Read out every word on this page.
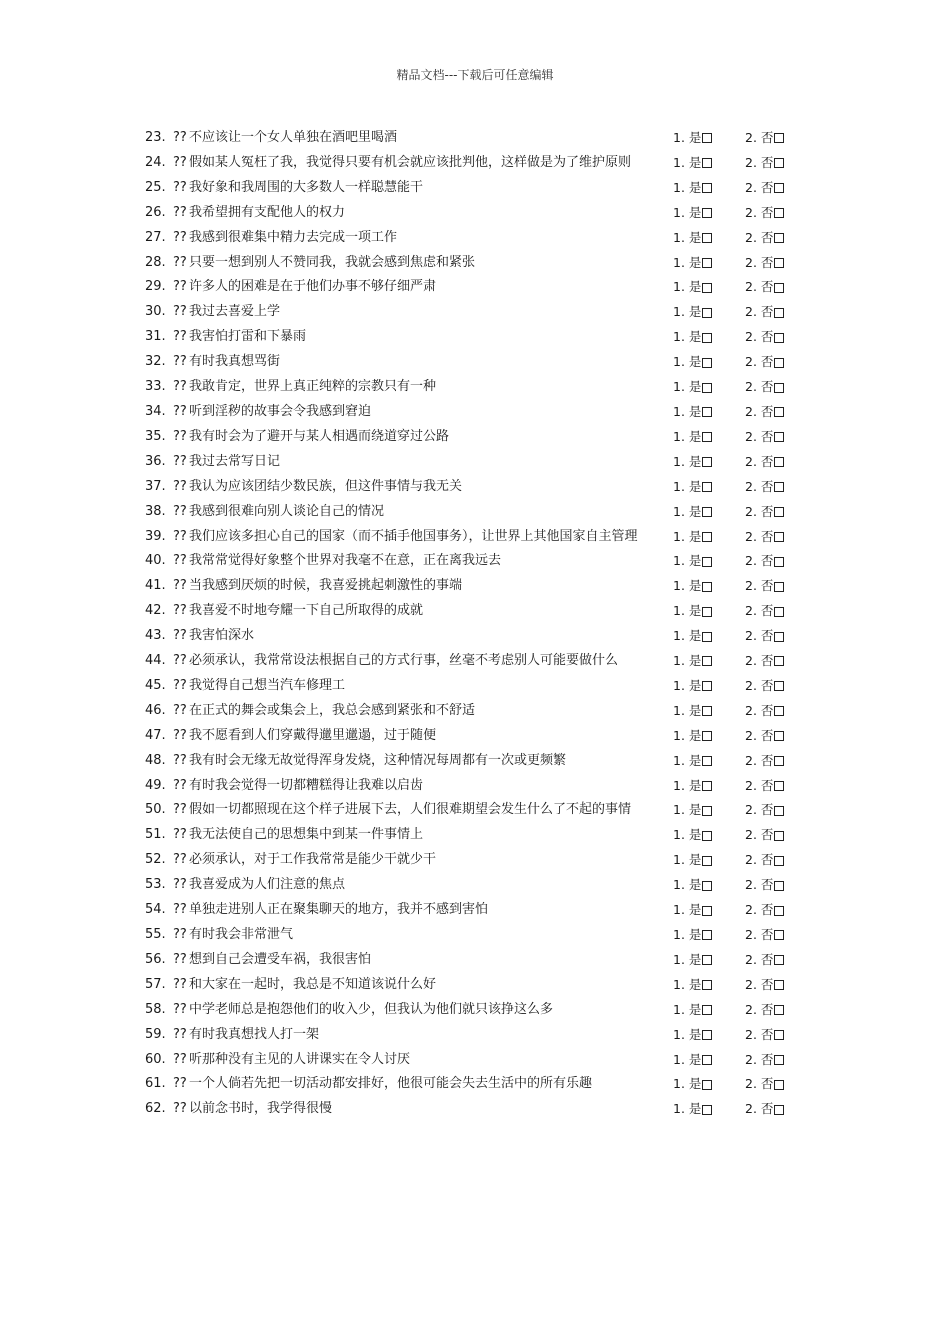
精品文档---下载后可任意编辑
23. ?? 不应该让一个女人单独在酒吧里喝酒	1. 是	2. 否
24. ?? 假如某人冤枉了我，我觉得只要有机会就应该批判他，这样做是为了维护原则	1. 是	2. 否
25. ?? 我好象和我周围的大多数人一样聪慧能干	1. 是	2. 否
26. ?? 我希望拥有支配他人的权力	1. 是	2. 否
27. ?? 我感到很难集中精力去完成一项工作	1. 是	2. 否
28. ?? 只要一想到别人不赞同我，我就会感到焦虑和紧张	1. 是	2. 否
29. ?? 许多人的困难是在于他们办事不够仔细严肃	1. 是	2. 否
30. ?? 我过去喜爱上学	1. 是	2. 否
31. ?? 我害怕打雷和下暴雨	1. 是	2. 否
32. ?? 有时我真想骂街	1. 是	2. 否
33. ?? 我敢肯定，世界上真正纯粹的宗教只有一种	1. 是	2. 否
34. ?? 听到淫秽的故事会令我感到窘迫	1. 是	2. 否
35. ?? 我有时会为了避开与某人相遇而绕道穿过公路	1. 是	2. 否
36. ?? 我过去常写日记	1. 是	2. 否
37. ?? 我认为应该团结少数民族，但这件事情与我无关	1. 是	2. 否
38. ?? 我感到很难向别人谈论自己的情况	1. 是	2. 否
39. ?? 我们应该多担心自己的国家（而不插手他国事务），让世界上其他国家自主管理	1. 是	2. 否
40. ?? 我常常觉得好象整个世界对我毫不在意，正在离我远去	1. 是	2. 否
41. ?? 当我感到厌烦的时候，我喜爱挑起刺激性的事端	1. 是	2. 否
42. ?? 我喜爱不时地夸耀一下自己所取得的成就	1. 是	2. 否
43. ?? 我害怕深水	1. 是	2. 否
44. ?? 必须承认，我常常设法根据自己的方式行事，丝毫不考虑别人可能要做什么	1. 是	2. 否
45. ?? 我觉得自己想当汽车修理工	1. 是	2. 否
46. ?? 在正式的舞会或集会上，我总会感到紧张和不舒适	1. 是	2. 否
47. ?? 我不愿看到人们穿戴得邋里邋遢，过于随便	1. 是	2. 否
48. ?? 我有时会无缘无故觉得浑身发烧，这种情况每周都有一次或更频繁	1. 是	2. 否
49. ?? 有时我会觉得一切都糟糕得让我难以启齿	1. 是	2. 否
50. ?? 假如一切都照现在这个样子进展下去，人们很难期望会发生什么了不起的事情	1. 是	2. 否
51. ?? 我无法使自己的思想集中到某一件事情上	1. 是	2. 否
52. ?? 必须承认，对于工作我常常是能少干就少干	1. 是	2. 否
53. ?? 我喜爱成为人们注意的焦点	1. 是	2. 否
54. ?? 单独走进别人正在聚集聊天的地方，我并不感到害怕	1. 是	2. 否
55. ?? 有时我会非常泄气	1. 是	2. 否
56. ?? 想到自己会遭受车祸，我很害怕	1. 是	2. 否
57. ?? 和大家在一起时，我总是不知道该说什么好	1. 是	2. 否
58. ?? 中学老师总是抱怨他们的收入少，但我认为他们就只该挣这么多	1. 是	2. 否
59. ?? 有时我真想找人打一架	1. 是	2. 否
60. ?? 听那种没有主见的人讲课实在令人讨厌	1. 是	2. 否
61. ?? 一个人倘若先把一切活动都安排好，他很可能会失去生活中的所有乐趣	1. 是	2. 否
62. ?? 以前念书时，我学得很慢	1. 是	2. 否
